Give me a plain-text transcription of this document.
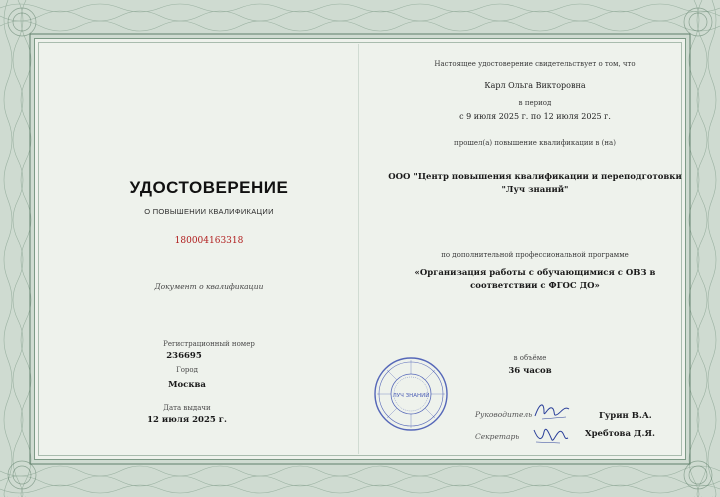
УДОСТОВЕРЕНИЕ
О ПОВЫШЕНИИ КВАЛИФИКАЦИИ
180004163318
Документ о квалификации
Регистрационный номер
236695
Город
Москва
Дата выдачи
12 июля 2025 г.
Настоящее удостоверение свидетельствует о том, что
Карл Ольга Викторовна
в период
с 9 июля 2025 г. по 12 июля 2025 г.
прошел(а) повышение квалификации в (на)
ООО "Центр повышения квалификации и переподготовки
"Луч знаний"
по дополнительной профессиональной программе
«Организация работы с обучающимися с ОВЗ в
соответствии с ФГОС ДО»
в объёме
36 часов
ЛУЧ ЗНАНИЙ
Руководитель	Гурин В.А.
Секретарь	Хребтова Д.Я.
